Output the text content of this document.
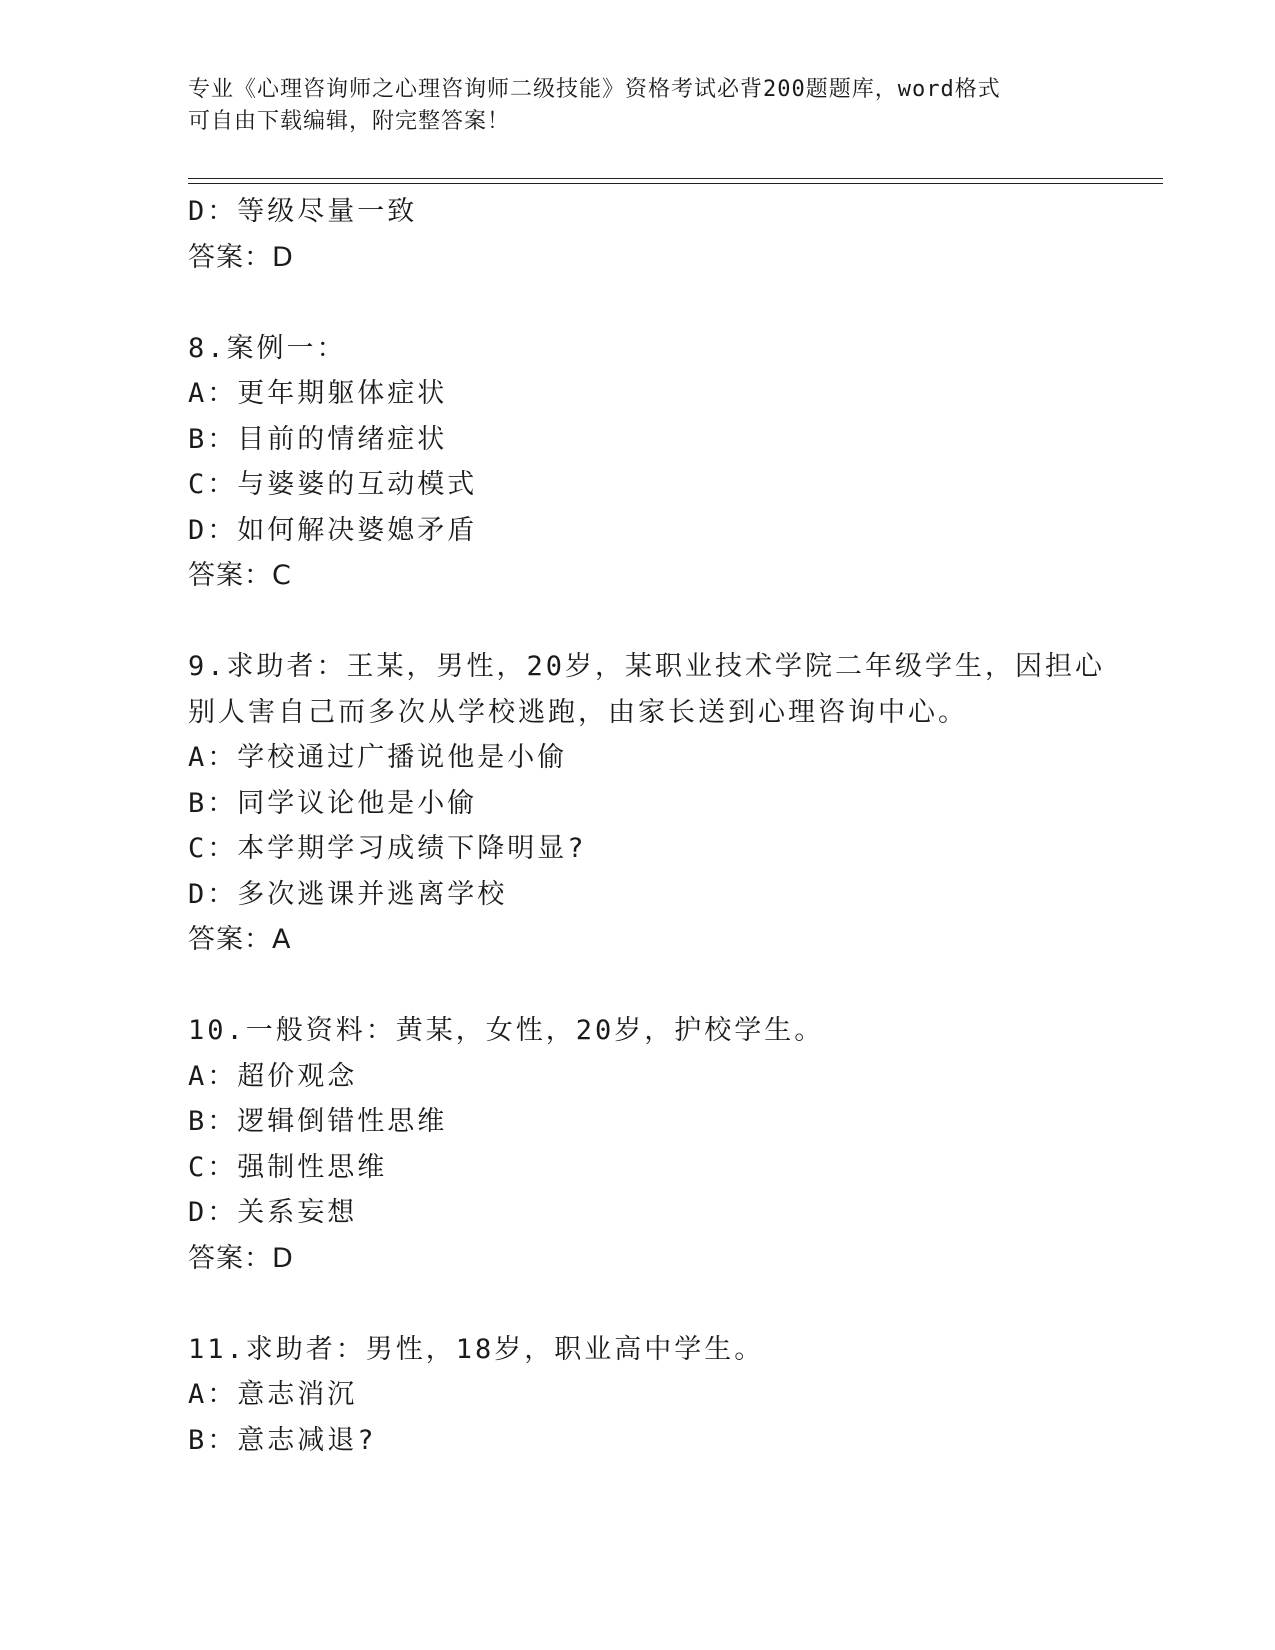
专业《心理咨询师之心理咨询师二级技能》资格考试必背200题题库，word格式
可自由下载编辑，附完整答案！
D：等级尽量一致
答案：D
8.案例一：
A：更年期躯体症状
B：目前的情绪症状
C：与婆婆的互动模式
D：如何解决婆媳矛盾
答案：C
9.求助者：王某，男性，20岁，某职业技术学院二年级学生，因担心
别人害自己而多次从学校逃跑，由家长送到心理咨询中心。
A：学校通过广播说他是小偷
B：同学议论他是小偷
C：本学期学习成绩下降明显?
D：多次逃课并逃离学校
答案：A
10.一般资料：黄某，女性，20岁，护校学生。
A：超价观念
B：逻辑倒错性思维
C：强制性思维
D：关系妄想
答案：D
11.求助者：男性，18岁，职业高中学生。
A：意志消沉
B：意志减退?
